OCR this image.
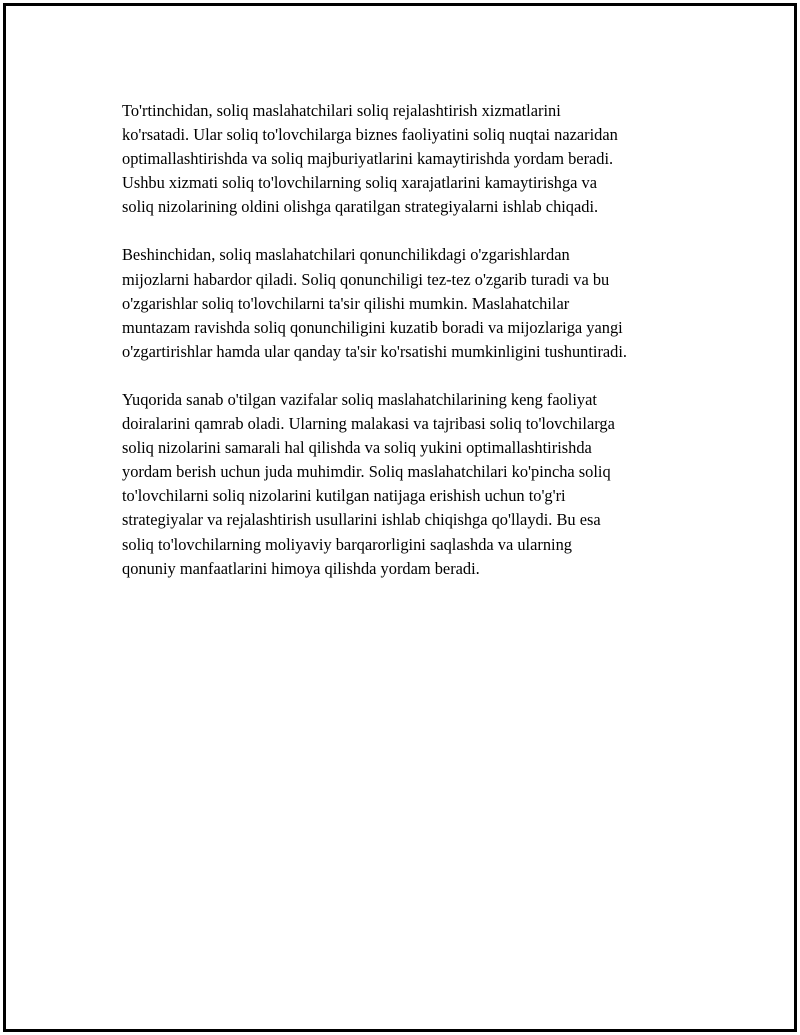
To'rtinchidan, soliq maslahatchilari soliq rejalashtirish xizmatlarini
ko'rsatadi. Ular soliq to'lovchilarga biznes faoliyatini soliq nuqtai nazaridan
optimallashtirishda va soliq majburiyatlarini kamaytirishda yordam beradi.
Ushbu xizmati soliq to'lovchilarning soliq xarajatlarini kamaytirishga va
soliq nizolarining oldini olishga qaratilgan strategiyalarni ishlab chiqadi.

Beshinchidan, soliq maslahatchilari qonunchilikdagi o'zgarishlardan
mijozlarni habardor qiladi. Soliq qonunchiligi tez-tez o'zgarib turadi va bu
o'zgarishlar soliq to'lovchilarni ta'sir qilishi mumkin. Maslahatchilar
muntazam ravishda soliq qonunchiligini kuzatib boradi va mijozlariga yangi
o'zgartirishlar hamda ular qanday ta'sir ko'rsatishi mumkinligini tushuntiradi.

Yuqorida sanab o'tilgan vazifalar soliq maslahatchilarining keng faoliyat
doiralarini qamrab oladi. Ularning malakasi va tajribasi soliq to'lovchilarga
soliq nizolarini samarali hal qilishda va soliq yukini optimallashtirishda
yordam berish uchun juda muhimdir. Soliq maslahatchilari ko'pincha soliq
to'lovchilarni soliq nizolarini kutilgan natijaga erishish uchun to'g'ri
strategiyalar va rejalashtirish usullarini ishlab chiqishga qo'llaydi. Bu esa
soliq to'lovchilarning moliyaviy barqarorligini saqlashda va ularning
qonuniy manfaatlarini himoya qilishda yordam beradi.
